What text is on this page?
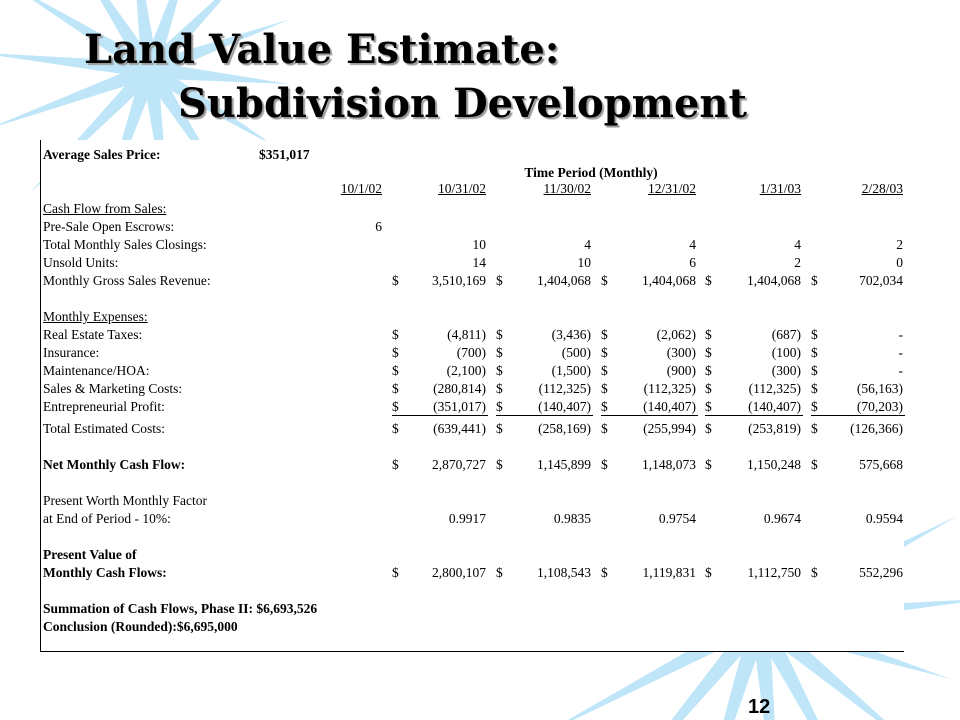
Land Value Estimate:
Subdivision Development
Average Sales Price:	$351,017
Time Period (Monthly)
10/1/02	10/31/02	11/30/02	12/31/02	1/31/03	2/28/03
Cash Flow from Sales:
Pre-Sale Open Escrows:	6
Total Monthly Sales Closings:	10	4	4	4	2
Unsold Units:	14	10	6	2	0
Monthly Gross Sales Revenue:	$	3,510,169 $	1,404,068 $	1,404,068 $	1,404,068 $	702,034
Monthly Expenses:
Real Estate Taxes:	$	(4,811) $	(3,436) $	(2,062) $	(687) $	-
Insurance:	$	(700) $	(500) $	(300) $	(100) $	-
Maintenance/HOA:	$	(2,100) $	(1,500) $	(900) $	(300) $	-
Sales & Marketing Costs:	$	(280,814) $	(112,325) $	(112,325) $	(112,325) $	(56,163)
Entrepreneurial Profit:	$	(351,017) $	(140,407) $	(140,407) $	(140,407) $	(70,203)
Total Estimated Costs:	$	(639,441) $	(258,169) $	(255,994) $	(253,819) $	(126,366)
Net Monthly Cash Flow:	$	2,870,727 $	1,145,899 $	1,148,073 $	1,150,248 $	575,668
Present Worth Monthly Factor
at End of Period - 10%:	0.9917	0.9835	0.9754	0.9674	0.9594
Present Value of
Monthly Cash Flows:	$	2,800,107 $	1,108,543 $	1,119,831 $	1,112,750 $	552,296
Summation of Cash Flows, Phase II: $6,693,526
Conclusion (Rounded):$6,695,000
12
